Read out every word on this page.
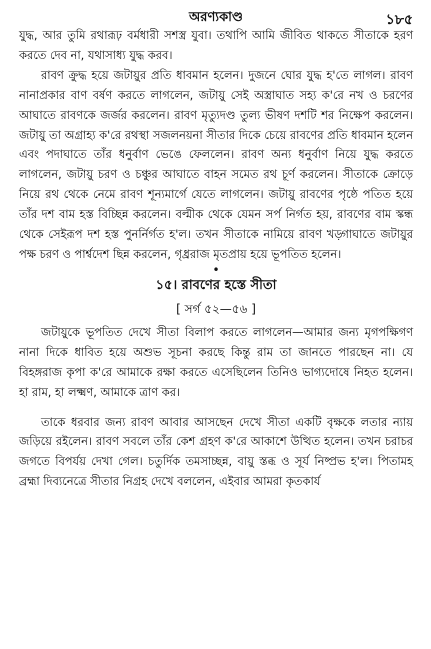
অরণ্যকাণ্ড	১৮৫

যুদ্ধ, আর তুমি রথারূঢ় বর্মধারী সশস্ত্র যুবা। তথাপি আমি জীবিত থাকতে সীতাকে হরণ করতে দেব না, যথাসাধ্য যুদ্ধ করব।

রাবণ ক্রুদ্ধ হয়ে জটায়ুর প্রতি ধাবমান হলেন। দুজনে ঘোর যুদ্ধ হ'তে লাগল। রাবণ নানাপ্রকার বাণ বর্ষণ করতে লাগলেন, জটায়ু সেই অস্ত্রাঘাত সহ্য ক'রে নখ ও চরণের আঘাতে রাবণকে জর্জর করলেন। রাবণ মৃত্যুদণ্ড তুল্য ভীষণ দশটি শর নিক্ষেপ করলেন। জটায়ু তা অগ্রাহ্য ক'রে রথস্থা সজলনয়না সীতার দিকে চেয়ে রাবণের প্রতি ধাবমান হলেন এবং পদাঘাতে তাঁর ধনুর্বাণ ভেঙে ফেললেন। রাবণ অন্য ধনুর্বাণ নিয়ে যুদ্ধ করতে লাগলেন, জটায়ু চরণ ও চঞ্চুর আঘাতে বাহন সমেত রথ চূর্ণ করলেন। সীতাকে ক্রোড়ে নিয়ে রথ থেকে নেমে রাবণ শূন্যমার্গে যেতে লাগলেন। জটায়ু রাবণের পৃষ্ঠে পতিত হয়ে তাঁর দশ বাম হস্ত বিচ্ছিন্ন করলেন। বল্মীক থেকে যেমন সর্প নির্গত হয়, রাবণের বাম স্কন্ধ থেকে সেইরূপ দশ হস্ত পুনর্নির্গত হ'ল। তখন সীতাকে নামিয়ে রাবণ খড়্গাঘাতে জটায়ুর পক্ষ চরণ ও পার্শ্বদেশ ছিন্ন করলেন, গৃধ্ররাজ মৃতপ্রায় হয়ে ভূপতিত হলেন।

•
১৫। রাবণের হস্তে সীতা
[ সর্গ ৫২—৫৬ ]

জটায়ুকে ভূপতিত দেখে সীতা বিলাপ করতে লাগলেন—আমার জন্য মৃগপক্ষিগণ নানা দিকে ধাবিত হয়ে অশুভ সূচনা করছে কিন্তু রাম তা জানতে পারছেন না। যে বিহঙ্গরাজ কৃপা ক'রে আমাকে রক্ষা করতে এসেছিলেন তিনিও ভাগ্যদোষে নিহত হলেন। হা রাম, হা লক্ষ্মণ, আমাকে ত্রাণ কর।

তাকে ধরবার জন্য রাবণ আবার আসছেন দেখে সীতা একটি বৃক্ষকে লতার ন্যায় জড়িয়ে রইলেন। রাবণ সবলে তাঁর কেশ গ্রহণ ক'রে আকাশে উত্থিত হলেন। তখন চরাচর জগতে বিপর্যয় দেখা গেল। চতুর্দিক তমসাচ্ছন্ন, বায়ু স্তব্ধ ও সূর্য নিষ্প্রভ হ'ল। পিতামহ ব্রহ্মা দিব্যনেত্রে সীতার নিগ্রহ দেখে বললেন, এইবার আমরা কৃতকার্য
